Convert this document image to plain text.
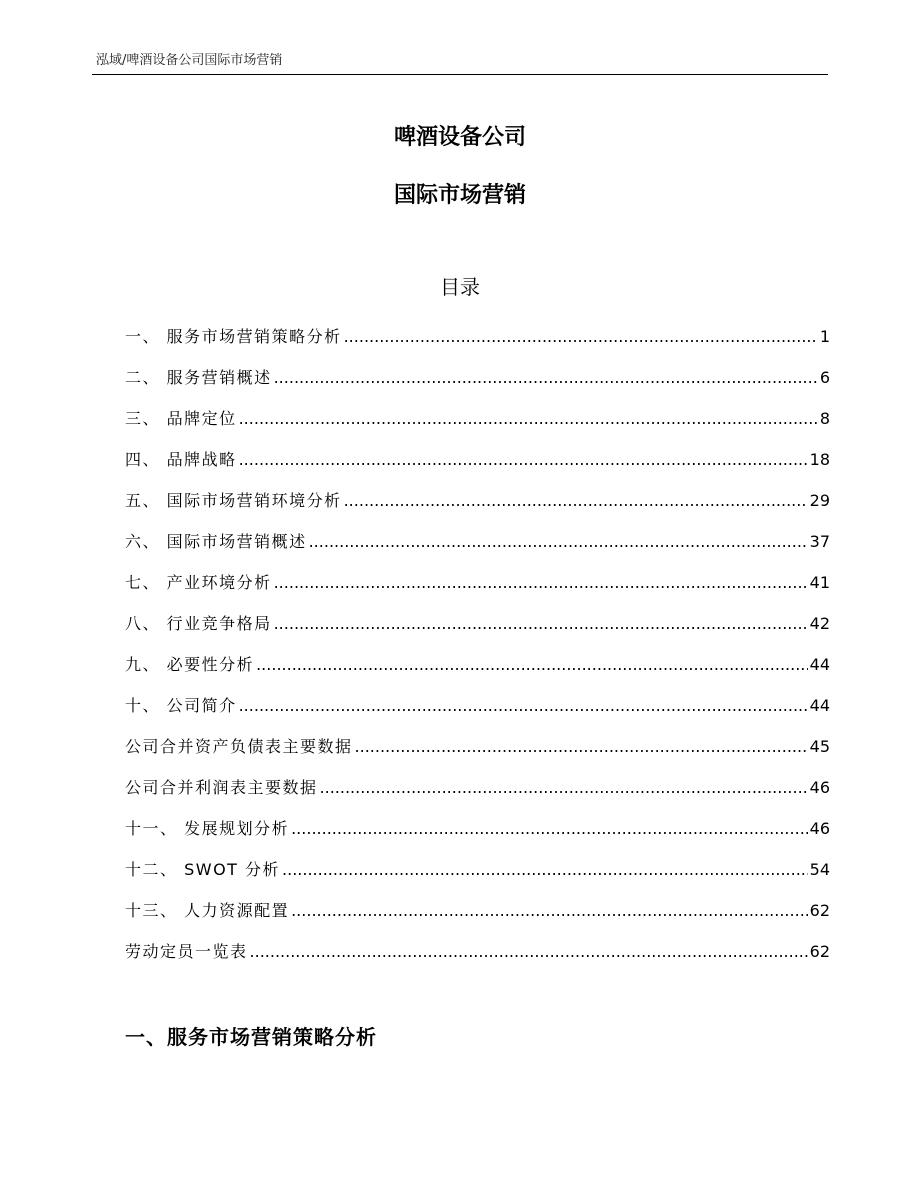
泓域/啤酒设备公司国际市场营销
啤酒设备公司
国际市场营销
目录
一、 服务市场营销策略分析 .....	1
二、 服务营销概述 .....	6
三、 品牌定位 .....	8
四、 品牌战略 .....	18
五、 国际市场营销环境分析 .....	29
六、 国际市场营销概述 .....	37
七、 产业环境分析 .....	41
八、 行业竞争格局 .....	42
九、 必要性分析 .....	44
十、 公司简介 .....	44
公司合并资产负债表主要数据 .....	45
公司合并利润表主要数据 .....	46
十一、 发展规划分析 .....	46
十二、 SWOT 分析 .....	54
十三、 人力资源配置 .....	62
劳动定员一览表 .....	62
一、服务市场营销策略分析
